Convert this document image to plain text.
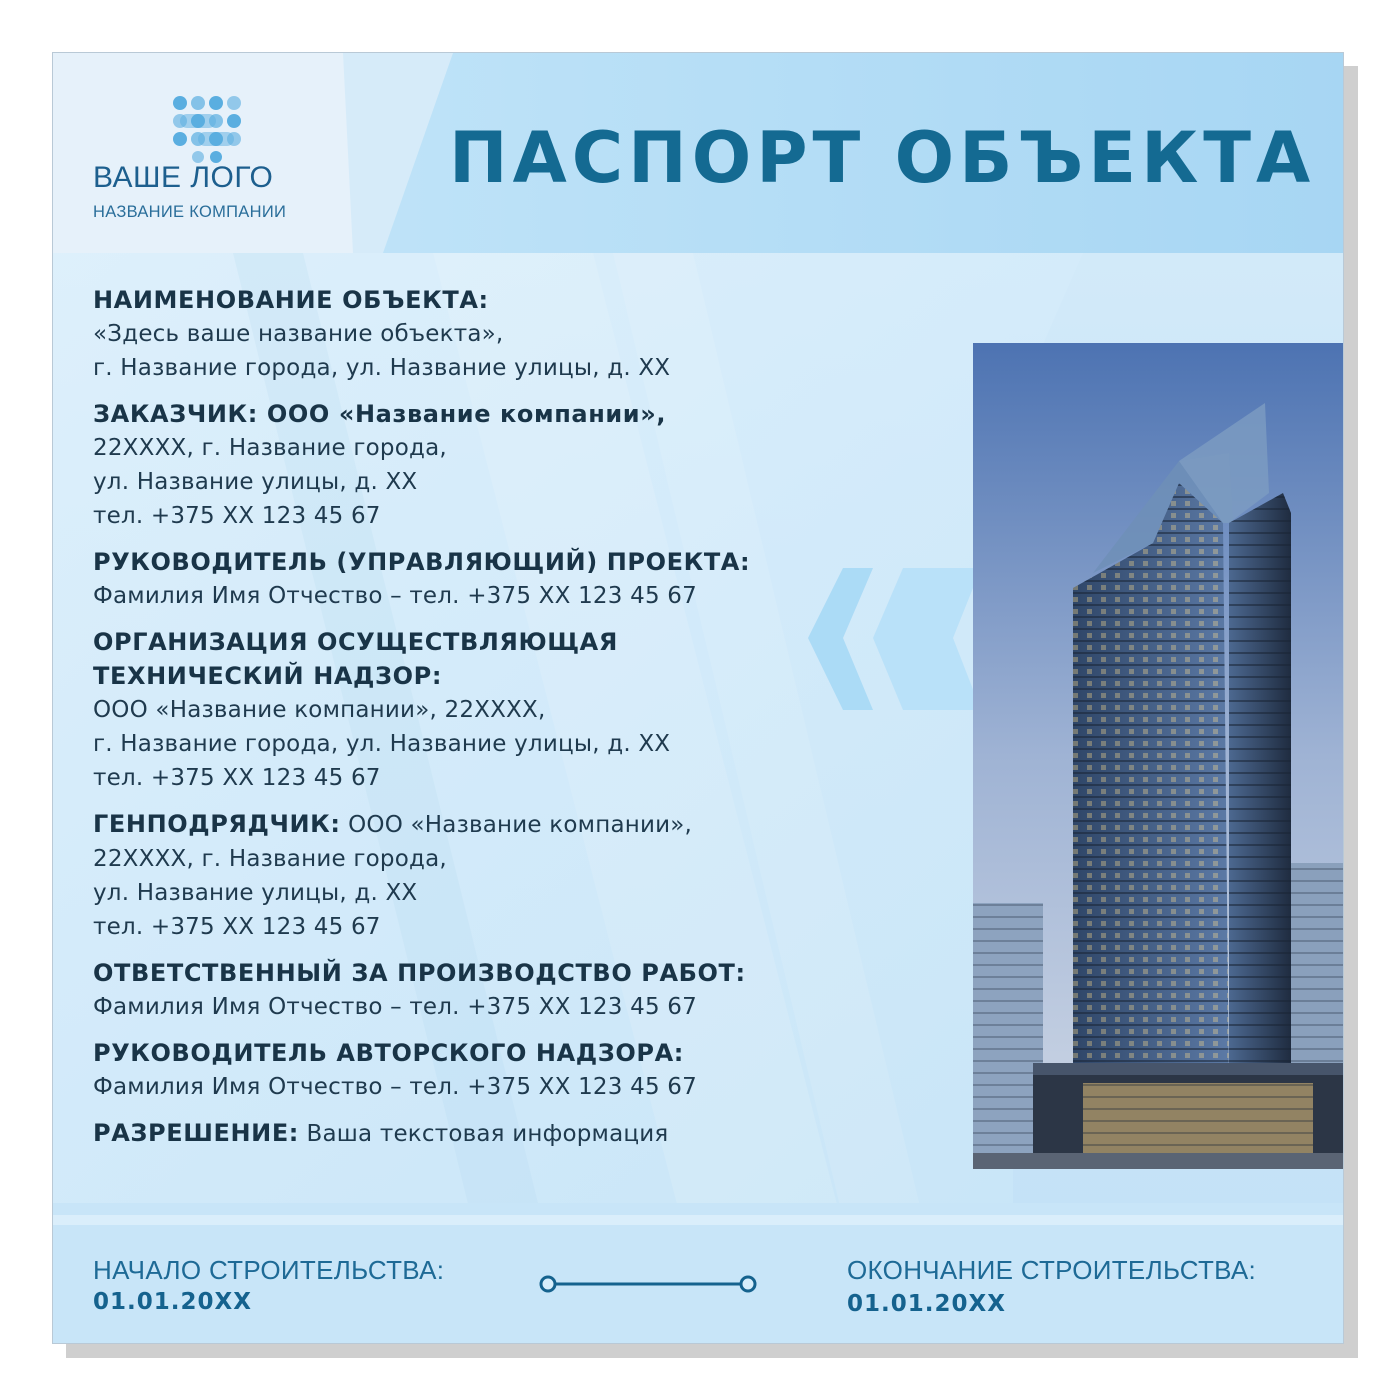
ВАШЕ ЛОГО
НАЗВАНИЕ КОМПАНИИ
ПАСПОРТ ОБЪЕКТА
НАИМЕНОВАНИЕ ОБЪЕКТА:
«Здесь ваше название объекта»,
г. Название города, ул. Название улицы, д. XX
ЗАКАЗЧИК: ООО «Название компании»,
22XXXX, г. Название города,
ул. Название улицы, д. XX
тел. +375 XX 123 45 67
РУКОВОДИТЕЛЬ (УПРАВЛЯЮЩИЙ) ПРОЕКТА:
Фамилия Имя Отчество – тел. +375 XX 123 45 67
ОРГАНИЗАЦИЯ ОСУЩЕСТВЛЯЮЩАЯ
ТЕХНИЧЕСКИЙ НАДЗОР:
ООО «Название компании», 22XXXX,
г. Название города, ул. Название улицы, д. XX
тел. +375 XX 123 45 67
ГЕНПОДРЯДЧИК: ООО «Название компании»,
22XXXX, г. Название города,
ул. Название улицы, д. XX
тел. +375 XX 123 45 67
ОТВЕТСТВЕННЫЙ ЗА ПРОИЗВОДСТВО РАБОТ:
Фамилия Имя Отчество – тел. +375 XX 123 45 67
РУКОВОДИТЕЛЬ АВТОРСКОГО НАДЗОРА:
Фамилия Имя Отчество – тел. +375 XX 123 45 67
РАЗРЕШЕНИЕ: Ваша текстовая информация
НАЧАЛО СТРОИТЕЛЬСТВА:
01.01.20XX
ОКОНЧАНИЕ СТРОИТЕЛЬСТВА:
01.01.20XX
